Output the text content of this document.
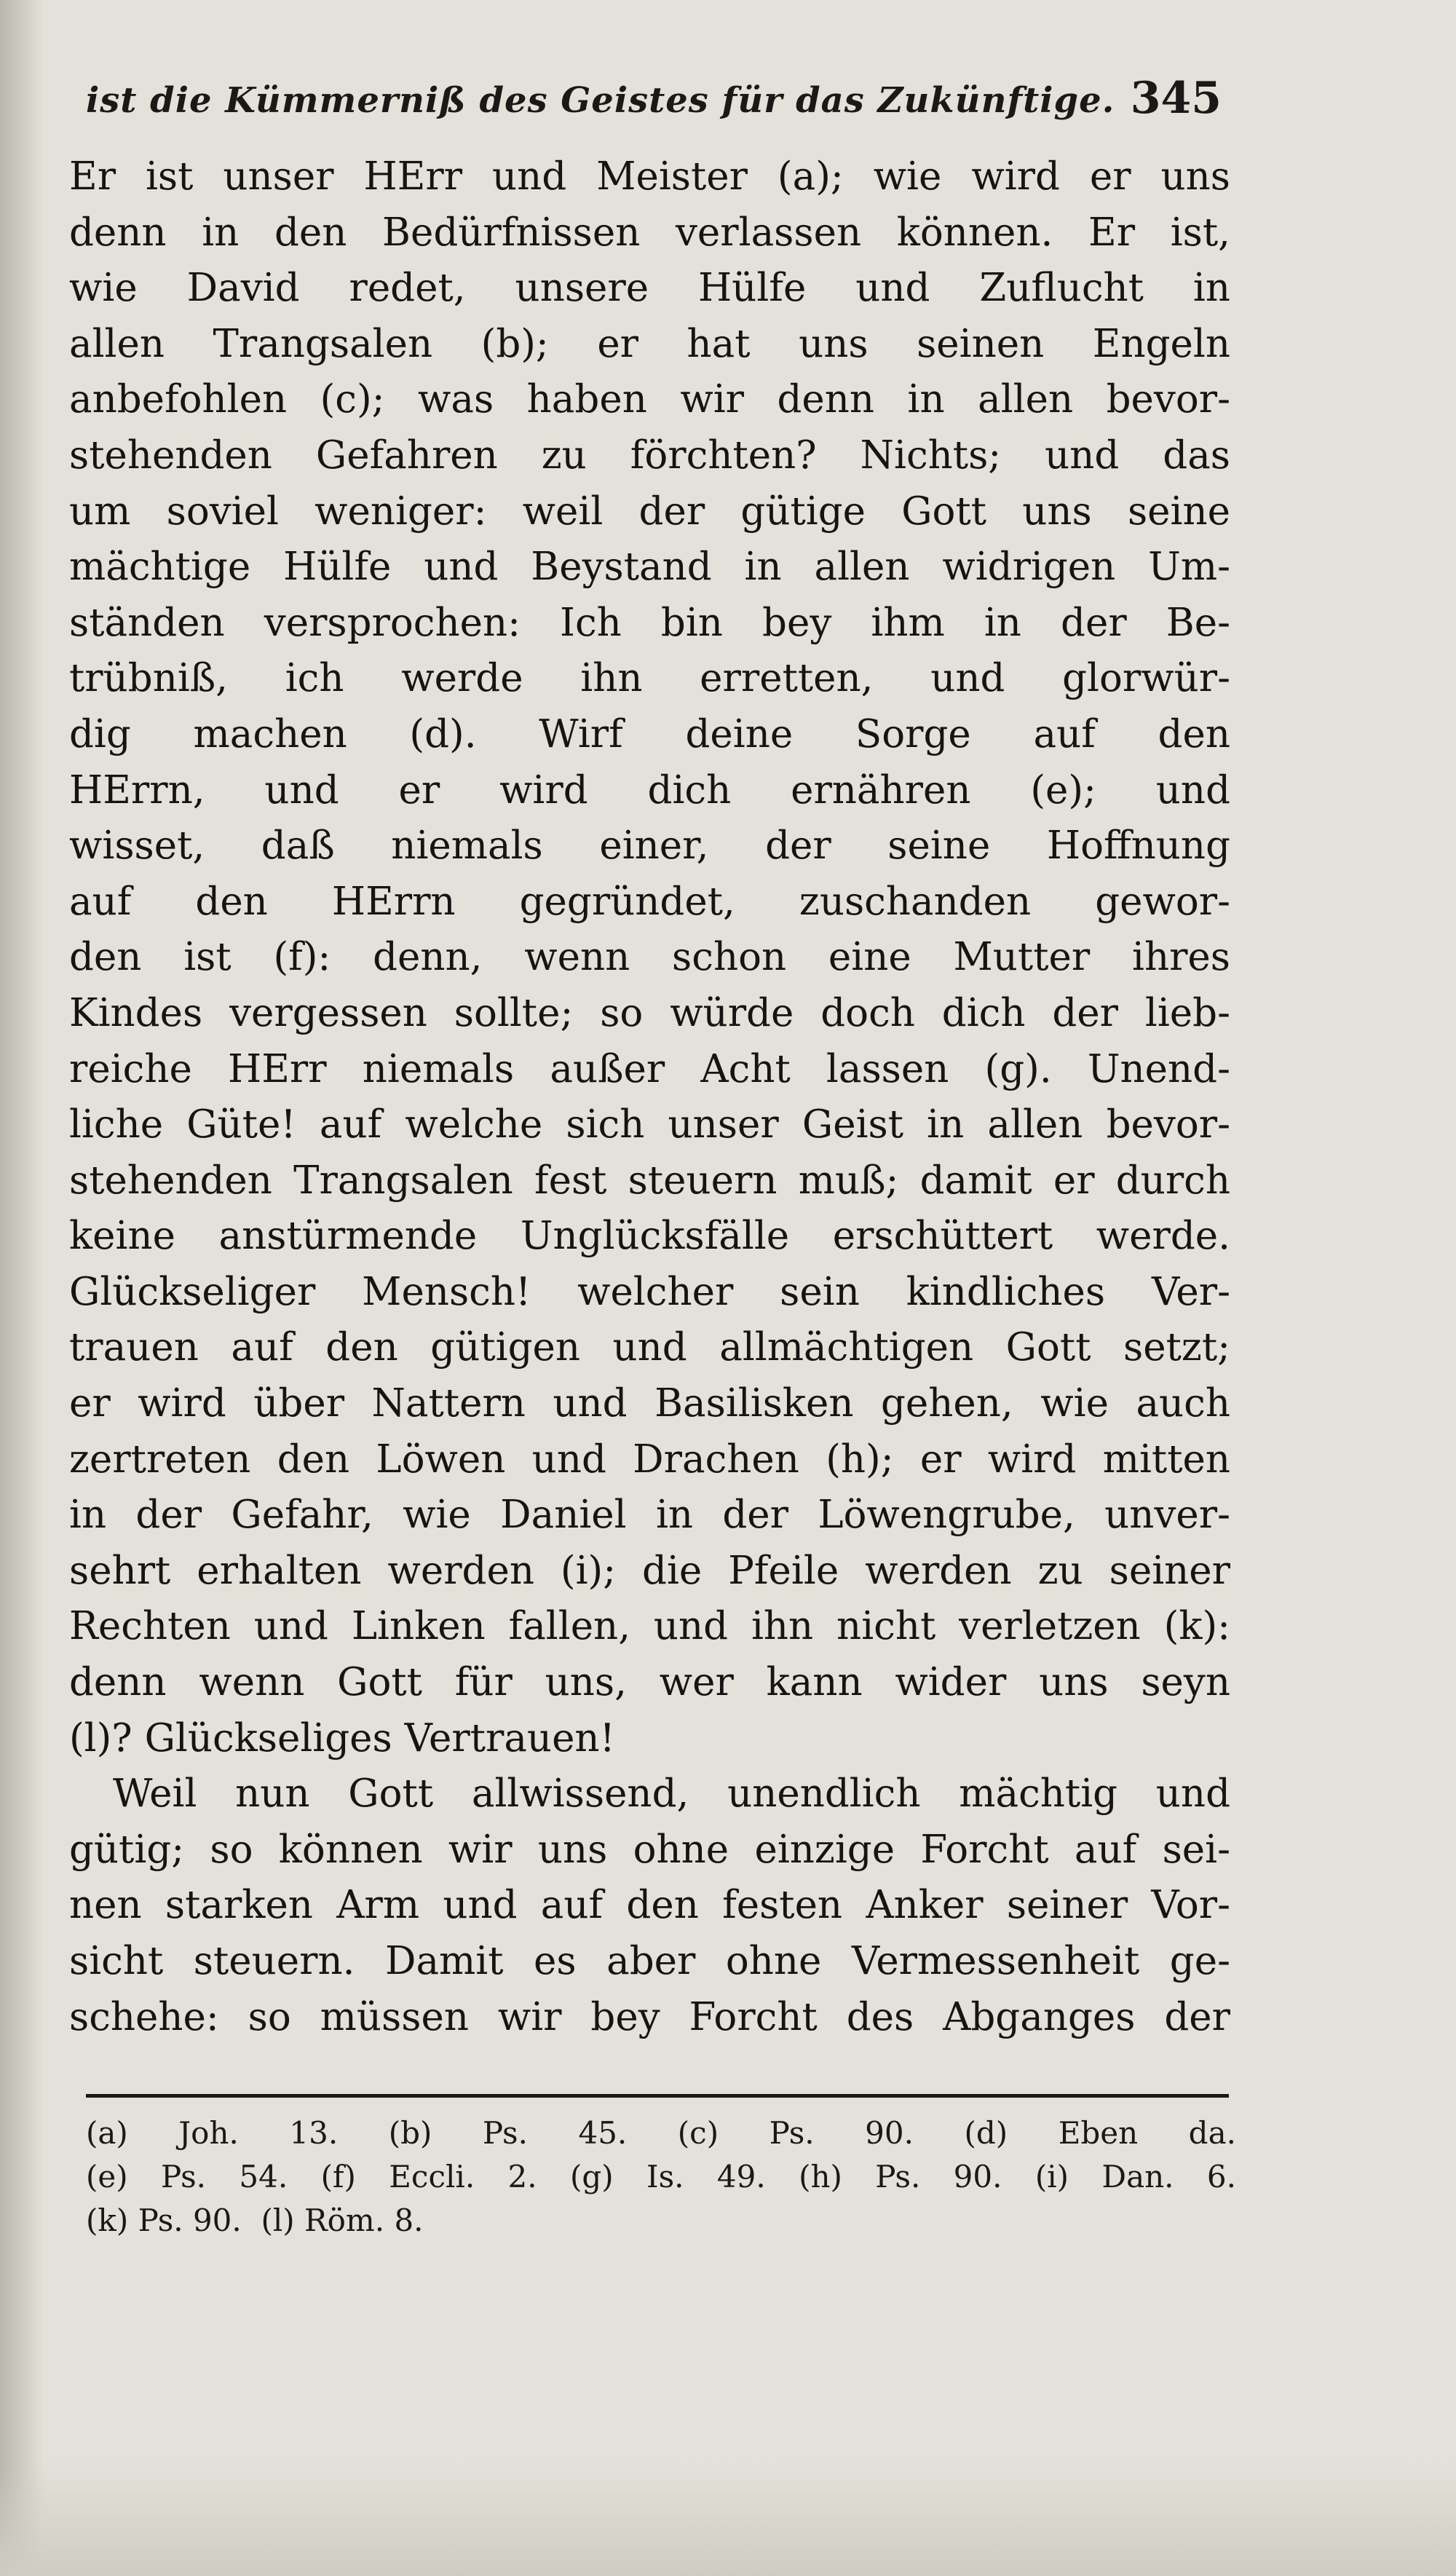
ist die Kümmerniß des Geistes für das Zukünftige. 345
Er ist unser HErr und Meister (a); wie wird er uns
denn in den Bedürfnissen verlassen können. Er ist,
wie David redet, unsere Hülfe und Zuflucht in
allen Trangsalen (b); er hat uns seinen Engeln
anbefohlen (c); was haben wir denn in allen bevor-
stehenden Gefahren zu förchten? Nichts; und das
um soviel weniger: weil der gütige Gott uns seine
mächtige Hülfe und Beystand in allen widrigen Um-
ständen versprochen: Ich bin bey ihm in der Be-
trübniß, ich werde ihn erretten, und glorwür-
dig machen (d). Wirf deine Sorge auf den
HErrn, und er wird dich ernähren (e); und
wisset, daß niemals einer, der seine Hoffnung
auf den HErrn gegründet, zuschanden gewor-
den ist (f): denn, wenn schon eine Mutter ihres
Kindes vergessen sollte; so würde doch dich der lieb-
reiche HErr niemals außer Acht lassen (g). Unend-
liche Güte! auf welche sich unser Geist in allen bevor-
stehenden Trangsalen fest steuern muß; damit er durch
keine anstürmende Unglücksfälle erschüttert werde.
Glückseliger Mensch! welcher sein kindliches Ver-
trauen auf den gütigen und allmächtigen Gott setzt;
er wird über Nattern und Basilisken gehen, wie auch
zertreten den Löwen und Drachen (h); er wird mitten
in der Gefahr, wie Daniel in der Löwengrube, unver-
sehrt erhalten werden (i); die Pfeile werden zu seiner
Rechten und Linken fallen, und ihn nicht verletzen (k):
denn wenn Gott für uns, wer kann wider uns seyn
(l)? Glückseliges Vertrauen!
Weil nun Gott allwissend, unendlich mächtig und
gütig; so können wir uns ohne einzige Forcht auf sei-
nen starken Arm und auf den festen Anker seiner Vor-
sicht steuern. Damit es aber ohne Vermessenheit ge-
schehe: so müssen wir bey Forcht des Abganges der
(a) Joh. 13. (b) Ps. 45. (c) Ps. 90. (d) Eben da.
(e) Ps. 54. (f) Eccli. 2. (g) Is. 49. (h) Ps. 90. (i) Dan. 6.
(k) Ps. 90. (l) Röm. 8.
